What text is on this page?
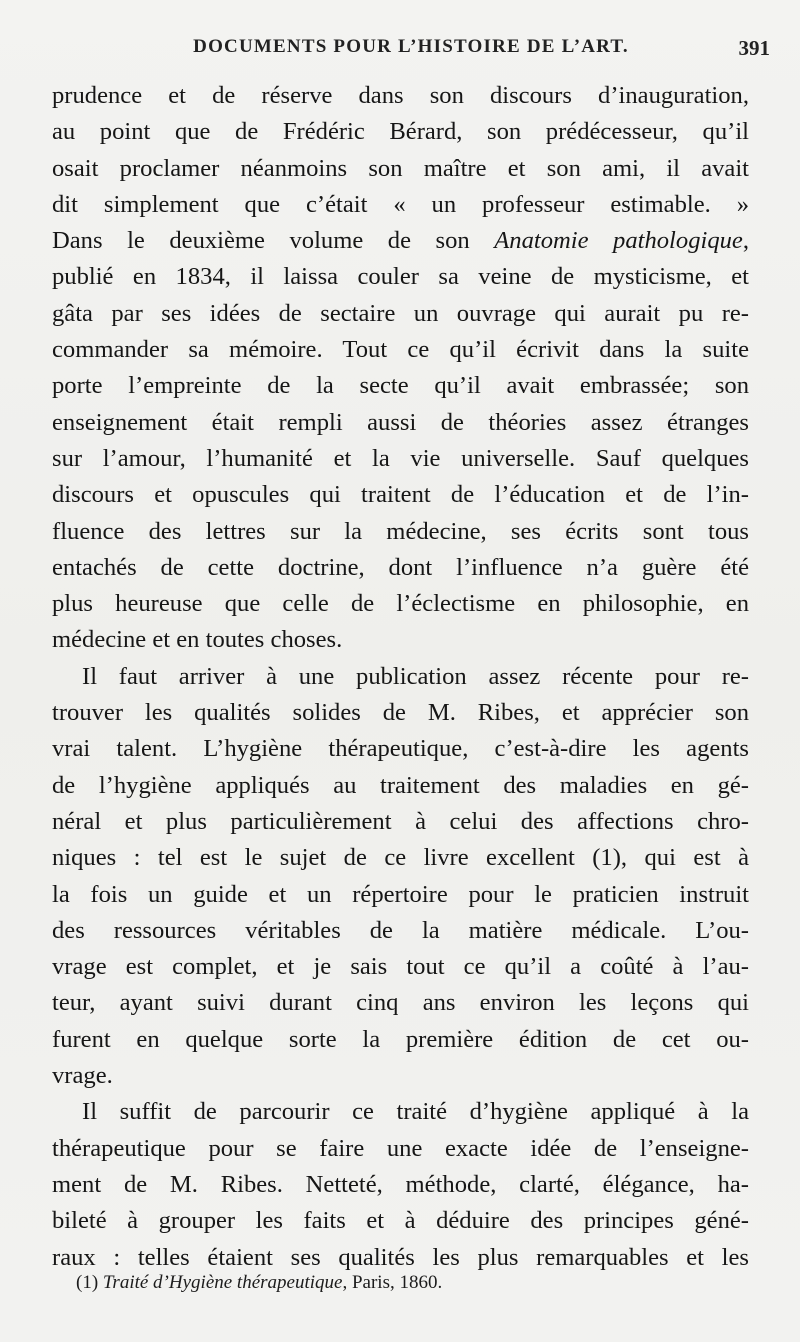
DOCUMENTS POUR L’HISTOIRE DE L’ART.	391
prudence et de réserve dans son discours d’inauguration,
au point que de Frédéric Bérard, son prédécesseur, qu’il
osait proclamer néanmoins son maître et son ami, il avait
dit simplement que c’était « un professeur estimable. »
Dans le deuxième volume de son Anatomie pathologique,
publié en 1834, il laissa couler sa veine de mysticisme, et
gâta par ses idées de sectaire un ouvrage qui aurait pu re-
commander sa mémoire. Tout ce qu’il écrivit dans la suite
porte l’empreinte de la secte qu’il avait embrassée; son
enseignement était rempli aussi de théories assez étranges
sur l’amour, l’humanité et la vie universelle. Sauf quelques
discours et opuscules qui traitent de l’éducation et de l’in-
fluence des lettres sur la médecine, ses écrits sont tous
entachés de cette doctrine, dont l’influence n’a guère été
plus heureuse que celle de l’éclectisme en philosophie, en
médecine et en toutes choses.
Il faut arriver à une publication assez récente pour re-
trouver les qualités solides de M. Ribes, et apprécier son
vrai talent. L’hygiène thérapeutique, c’est-à-dire les agents
de l’hygiène appliqués au traitement des maladies en gé-
néral et plus particulièrement à celui des affections chro-
niques : tel est le sujet de ce livre excellent (1), qui est à
la fois un guide et un répertoire pour le praticien instruit
des ressources véritables de la matière médicale. L’ou-
vrage est complet, et je sais tout ce qu’il a coûté à l’au-
teur, ayant suivi durant cinq ans environ les leçons qui
furent en quelque sorte la première édition de cet ou-
vrage.
Il suffit de parcourir ce traité d’hygiène appliqué à la
thérapeutique pour se faire une exacte idée de l’enseigne-
ment de M. Ribes. Netteté, méthode, clarté, élégance, ha-
bileté à grouper les faits et à déduire des principes géné-
raux : telles étaient ses qualités les plus remarquables et les
(1) Traité d’Hygiène thérapeutique, Paris, 1860.
